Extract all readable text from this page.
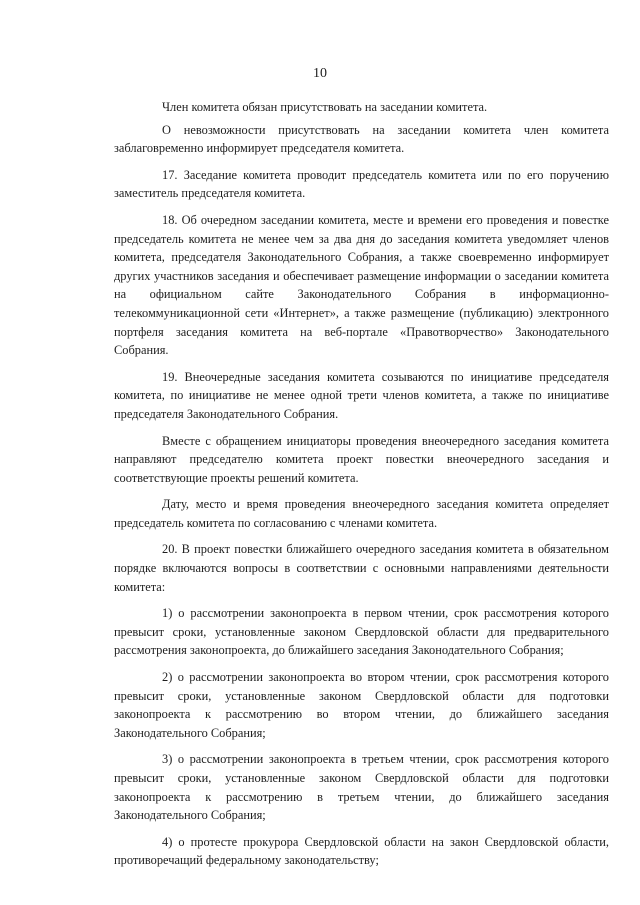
10

Член комитета обязан присутствовать на заседании комитета.

О невозможности присутствовать на заседании комитета член комитета заблаговременно информирует председателя комитета.

17. Заседание комитета проводит председатель комитета или по его поручению заместитель председателя комитета.

18. Об очередном заседании комитета, месте и времени его проведения и повестке председатель комитета не менее чем за два дня до заседания комитета уведомляет членов комитета, председателя Законодательного Собрания, а также своевременно информирует других участников заседания и обеспечивает размещение информации о заседании комитета на официальном сайте Законодательного Собрания в информационно-телекоммуникационной сети «Интернет», а также размещение (публикацию) электронного портфеля заседания комитета на веб-портале «Правотворчество» Законодательного Собрания.

19. Внеочередные заседания комитета созываются по инициативе председателя комитета, по инициативе не менее одной трети членов комитета, а также по инициативе председателя Законодательного Собрания.

Вместе с обращением инициаторы проведения внеочередного заседания комитета направляют председателю комитета проект повестки внеочередного заседания и соответствующие проекты решений комитета.

Дату, место и время проведения внеочередного заседания комитета определяет председатель комитета по согласованию с членами комитета.

20. В проект повестки ближайшего очередного заседания комитета в обязательном порядке включаются вопросы в соответствии с основными направлениями деятельности комитета:

1) о рассмотрении законопроекта в первом чтении, срок рассмотрения которого превысит сроки, установленные законом Свердловской области для предварительного рассмотрения законопроекта, до ближайшего заседания Законодательного Собрания;

2) о рассмотрении законопроекта во втором чтении, срок рассмотрения которого превысит сроки, установленные законом Свердловской области для подготовки законопроекта к рассмотрению во втором чтении, до ближайшего заседания Законодательного Собрания;

3) о рассмотрении законопроекта в третьем чтении, срок рассмотрения которого превысит сроки, установленные законом Свердловской области для подготовки законопроекта к рассмотрению в третьем чтении, до ближайшего заседания Законодательного Собрания;

4) о протесте прокурора Свердловской области на закон Свердловской области, противоречащий федеральному законодательству;
